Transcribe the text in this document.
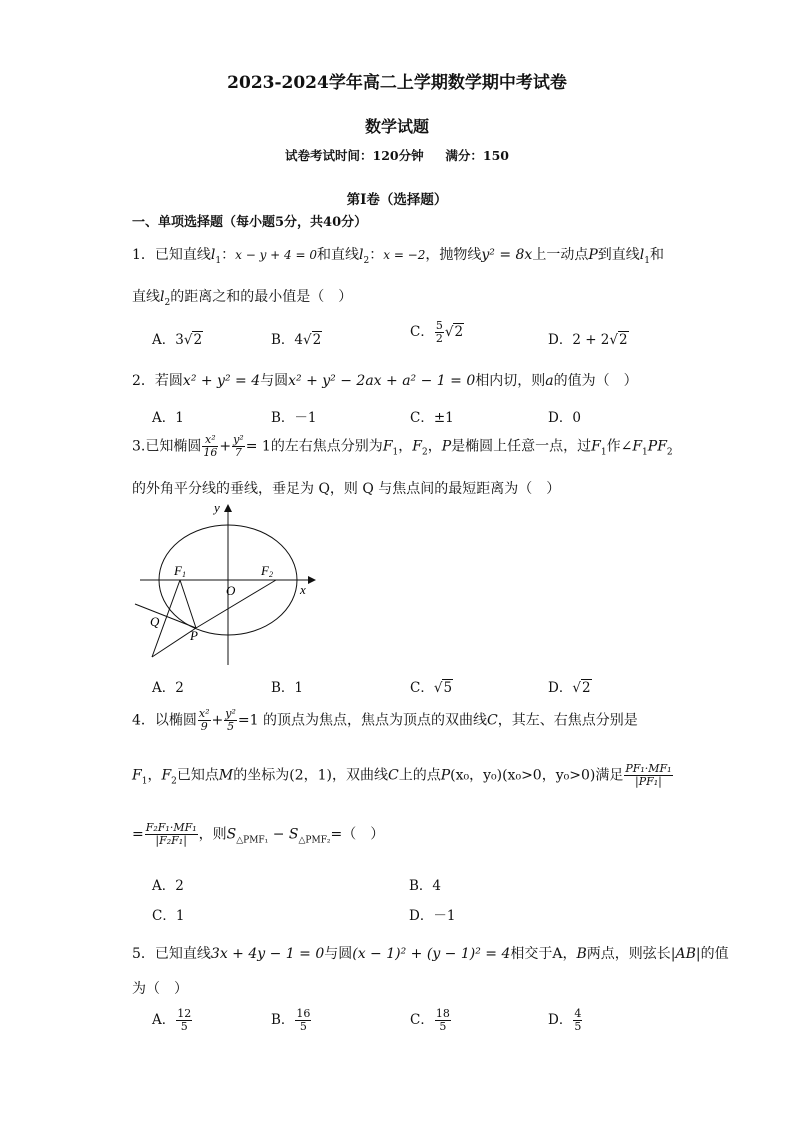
2023-2024学年高二上学期数学期中考试卷
数学试题
试卷考试时间：120分钟 满分：150
第Ⅰ卷（选择题）
一、单项选择题（每小题5分，共40分）
1．已知直线$l_1$：x − y + 4 = 0和直线$l_2$：x = −2，抛物线y² = 8x上一动点P到直线$l_1$和
直线$l_2$的距离之和的最小值是（　）
A．3√2	B．4√2	C． $\frac{5}{2} √2$	D．2 + 2√2
2．若圆x² + y² = 4与圆x² + y² − 2ax + a² − 1 = 0相内切，则a的值为（　）
A．1	B．－1	C．±1	D．0
3.已知椭圆 $\frac{\text{x²}}{16} + \frac{\text{y²}}{7} = 1$的左右焦点分别为$F_1$，$F_2$，P是椭圆上任意一点，过$F_1$作$\angle F_1PF_2$
的外角平分线的垂线，垂足为 Q，则 Q 与焦点间的最短距离为（　）
y
x
O
F1	F2
Q
P
A．2	B．1	C．√5	D．√2
4．以椭圆 $\frac{\text{x²}}{9} + \frac{\text{y²}}{5} =1$ 的顶点为焦点，焦点为顶点的双曲线C，其左、右焦点分别是
$F_1$，$F_2$已知点M的坐标为(2，1)，双曲线C上的点P(x₀，y₀)(x₀>0，y₀>0)满足 $\frac{\text{PF₁·MF₁}}{\text{|PF₁|}}$
= $\frac{\text{F₂F₁·MF₁}}{\text{|F₂F₁|}}$ ，则$S_{\triangle PMF_1} - S_{\triangle PMF_2}=$（　）
A．2	B．4
C．1	D．－1
5．已知直线3x + 4y − 1 = 0与圆(x − 1)² + (y − 1)² = 4相交于A，B两点，则弦长|AB|的值
为（　）
A． $\frac{12}{5}$	B． $\frac{16}{5}$	C． $\frac{18}{5}$	D． $\frac{4}{5}$
